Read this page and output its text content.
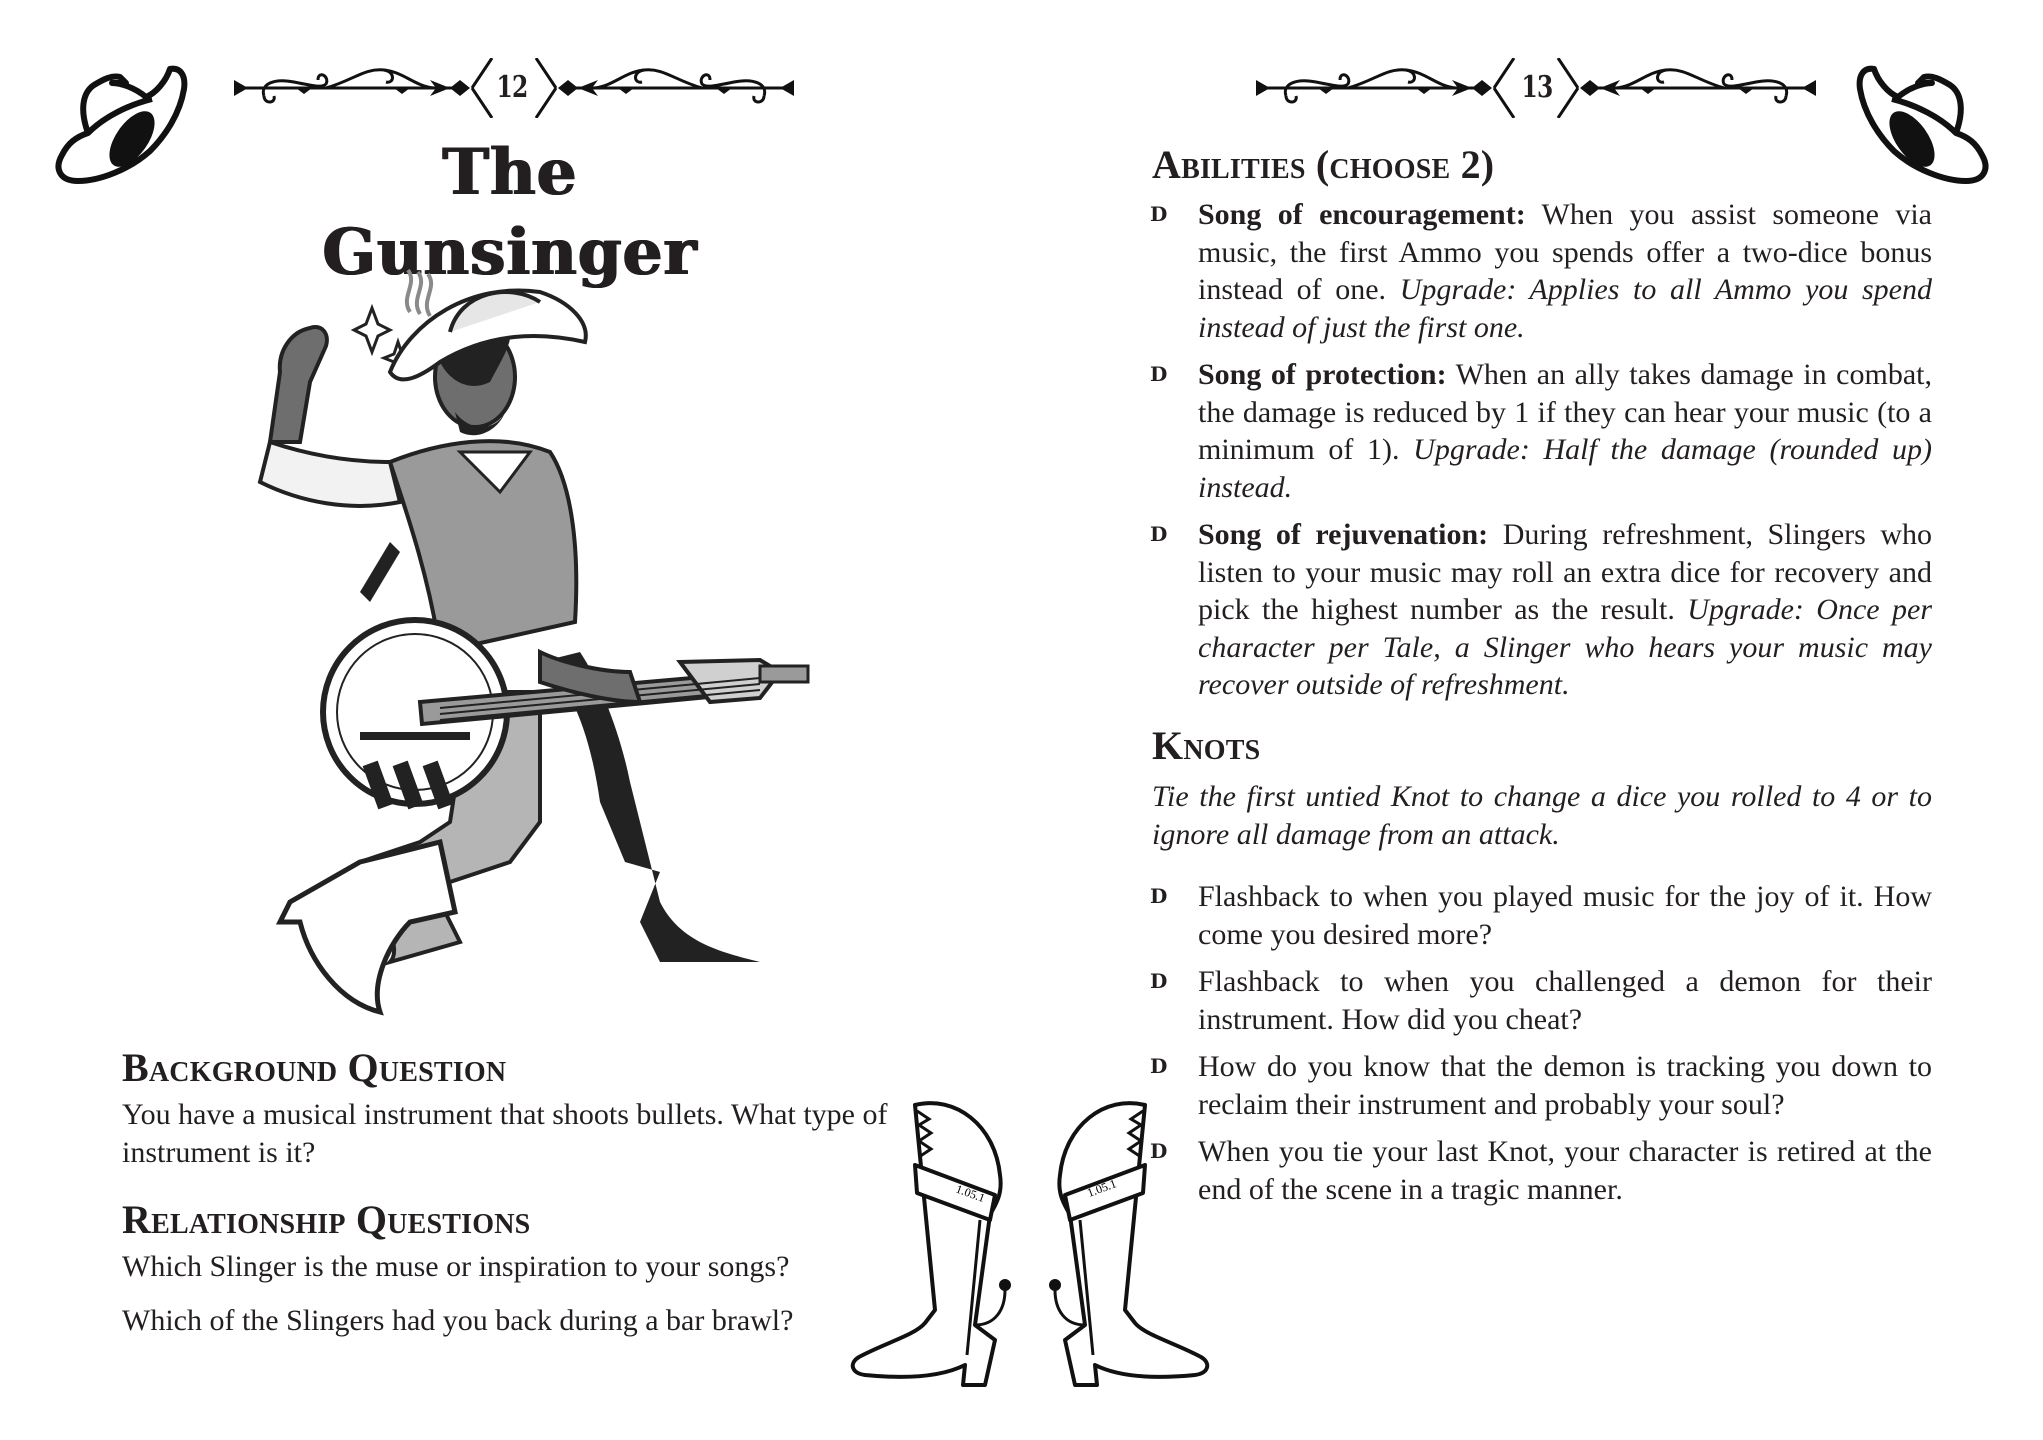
12	13
The Gunsinger
1.05.1	1.05.1
Background Question
You have a musical instrument that shoots bullets. What type of instrument is it?
Relationship Questions
Which Slinger is the muse or inspiration to your songs?
Which of the Slingers had you back during a bar brawl?
Abilities (choose 2)
D Song of encouragement: When you assist someone via music, the first Ammo you spends offer a two-dice bonus instead of one. Upgrade: Applies to all Ammo you spend instead of just the first one.
D Song of protection: When an ally takes damage in combat, the damage is reduced by 1 if they can hear your music (to a minimum of 1). Upgrade: Half the damage (rounded up) instead.
D Song of rejuvenation: During refreshment, Slingers who listen to your music may roll an extra dice for recovery and pick the highest number as the result. Upgrade: Once per character per Tale, a Slinger who hears your music may recover outside of refreshment.
Knots
Tie the first untied Knot to change a dice you rolled to 4 or to ignore all damage from an attack.
D Flashback to when you played music for the joy of it. How come you desired more?
D Flashback to when you challenged a demon for their instrument. How did you cheat?
D How do you know that the demon is tracking you down to reclaim their instrument and probably your soul?
D When you tie your last Knot, your character is retired at the end of the scene in a tragic manner.
